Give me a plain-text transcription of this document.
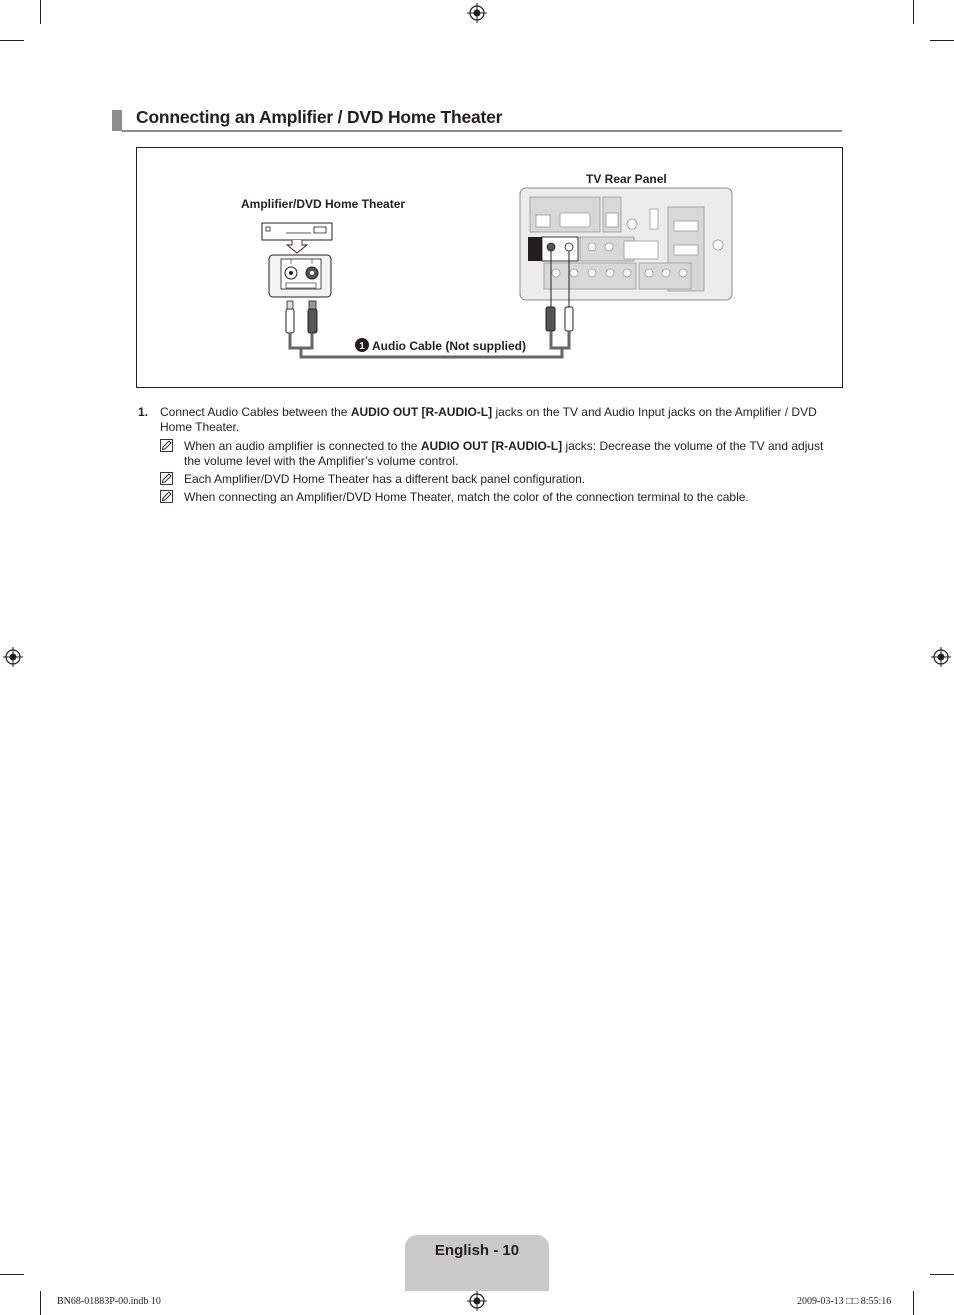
Connecting an Amplifier / DVD Home Theater
TV Rear Panel
Amplifier/DVD Home Theater
1 Audio Cable (Not supplied)
1. Connect Audio Cables between the AUDIO OUT [R-AUDIO-L] jacks on the TV and Audio Input jacks on the Amplifier / DVD Home Theater.
When an audio amplifier is connected to the AUDIO OUT [R-AUDIO-L] jacks: Decrease the volume of the TV and adjust the volume level with the Amplifier’s volume control.
Each Amplifier/DVD Home Theater has a different back panel configuration.
When connecting an Amplifier/DVD Home Theater, match the color of the connection terminal to the cable.
English - 10
BN68-01883P-00.indb 10	2009-03-13 □□ 8:55:16
